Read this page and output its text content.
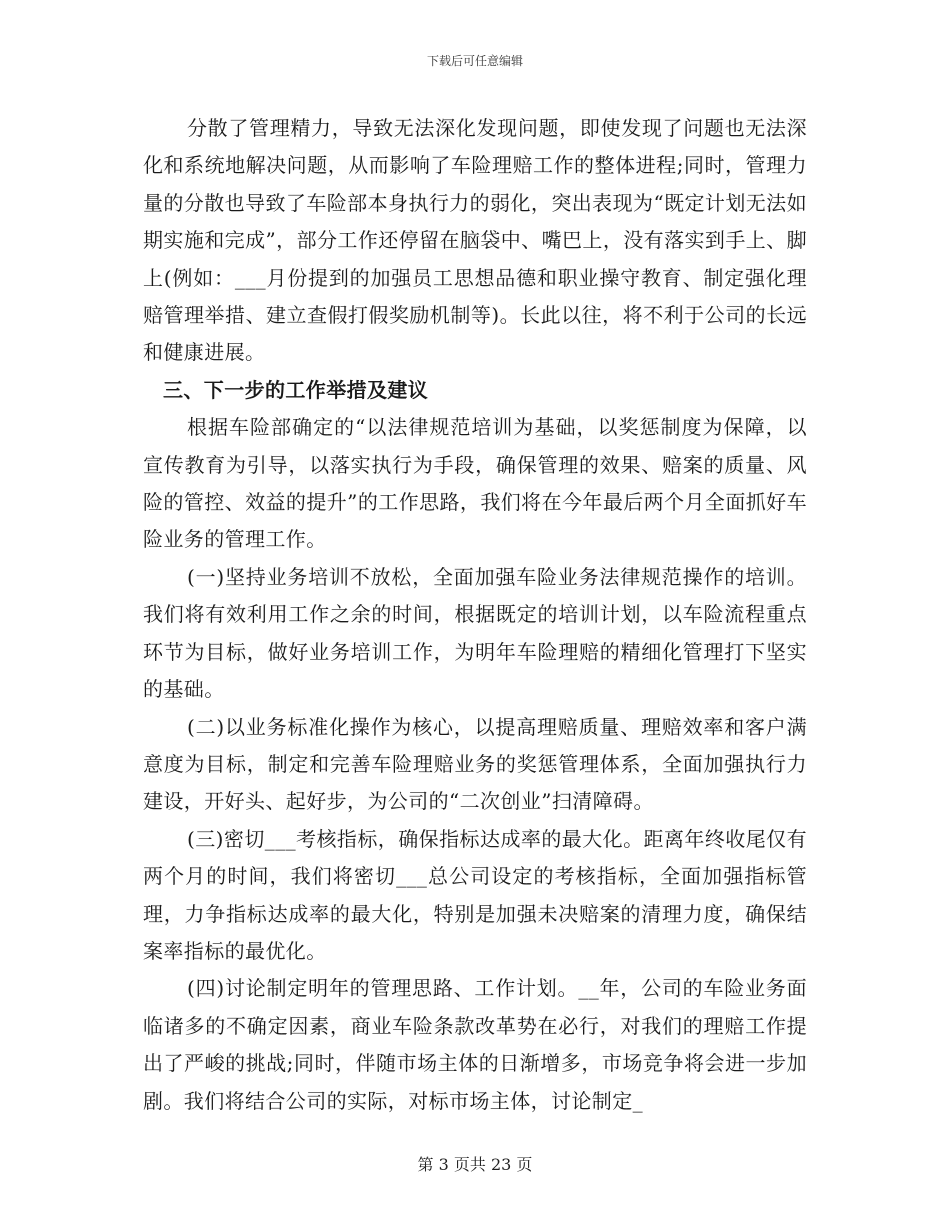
下载后可任意编辑

分散了管理精力，导致无法深化发现问题，即使发现了问题也无法深化和系统地解决问题，从而影响了车险理赔工作的整体进程;同时，管理力量的分散也导致了车险部本身执行力的弱化，突出表现为“既定计划无法如期实施和完成”，部分工作还停留在脑袋中、嘴巴上，没有落实到手上、脚上(例如：___月份提到的加强员工思想品德和职业操守教育、制定强化理赔管理举措、建立查假打假奖励机制等)。长此以往，将不利于公司的长远和健康进展。

三、下一步的工作举措及建议

根据车险部确定的“以法律规范培训为基础，以奖惩制度为保障，以宣传教育为引导，以落实执行为手段，确保管理的效果、赔案的质量、风险的管控、效益的提升”的工作思路，我们将在今年最后两个月全面抓好车险业务的管理工作。

(一)坚持业务培训不放松，全面加强车险业务法律规范操作的培训。我们将有效利用工作之余的时间，根据既定的培训计划，以车险流程重点环节为目标，做好业务培训工作，为明年车险理赔的精细化管理打下坚实的基础。

(二)以业务标准化操作为核心，以提高理赔质量、理赔效率和客户满意度为目标，制定和完善车险理赔业务的奖惩管理体系，全面加强执行力建设，开好头、起好步，为公司的“二次创业”扫清障碍。

(三)密切___考核指标，确保指标达成率的最大化。距离年终收尾仅有两个月的时间，我们将密切___总公司设定的考核指标，全面加强指标管理，力争指标达成率的最大化，特别是加强未决赔案的清理力度，确保结案率指标的最优化。

(四)讨论制定明年的管理思路、工作计划。__年，公司的车险业务面临诸多的不确定因素，商业车险条款改革势在必行，对我们的理赔工作提出了严峻的挑战;同时，伴随市场主体的日渐增多，市场竞争将会进一步加剧。我们将结合公司的实际，对标市场主体，讨论制定_

第 3 页共 23 页
